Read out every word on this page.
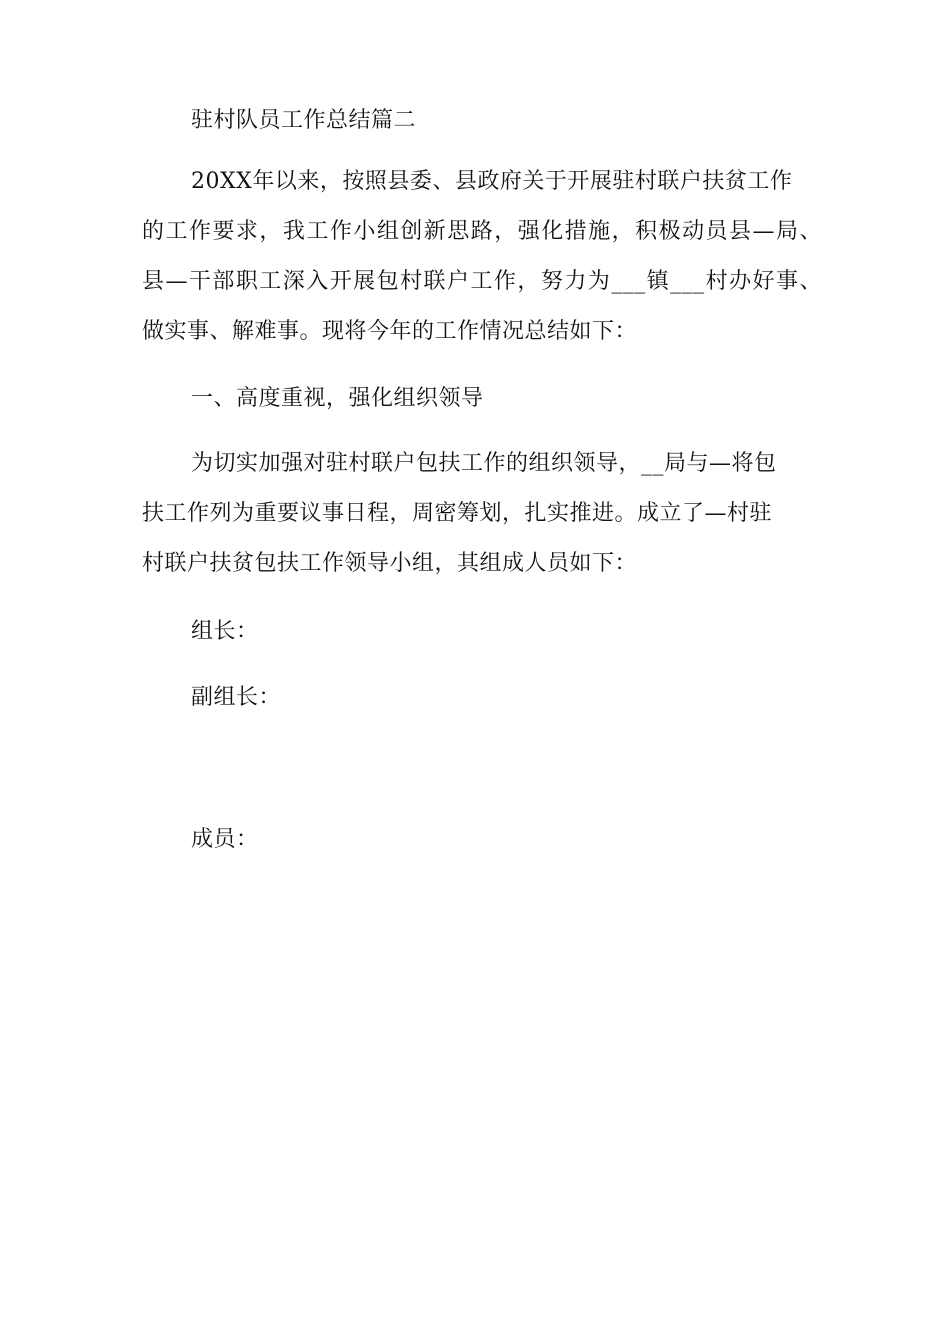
驻村队员工作总结篇二
20XX年以来，按照县委、县政府关于开展驻村联户扶贫工作
的工作要求，我工作小组创新思路，强化措施，积极动员县—局、
县—干部职工深入开展包村联户工作，努力为___镇___村办好事、
做实事、解难事。现将今年的工作情况总结如下：
一、高度重视，强化组织领导
为切实加强对驻村联户包扶工作的组织领导，__局与—将包
扶工作列为重要议事日程，周密筹划，扎实推进。成立了—村驻
村联户扶贫包扶工作领导小组，其组成人员如下：
组长：
副组长：
成员：
